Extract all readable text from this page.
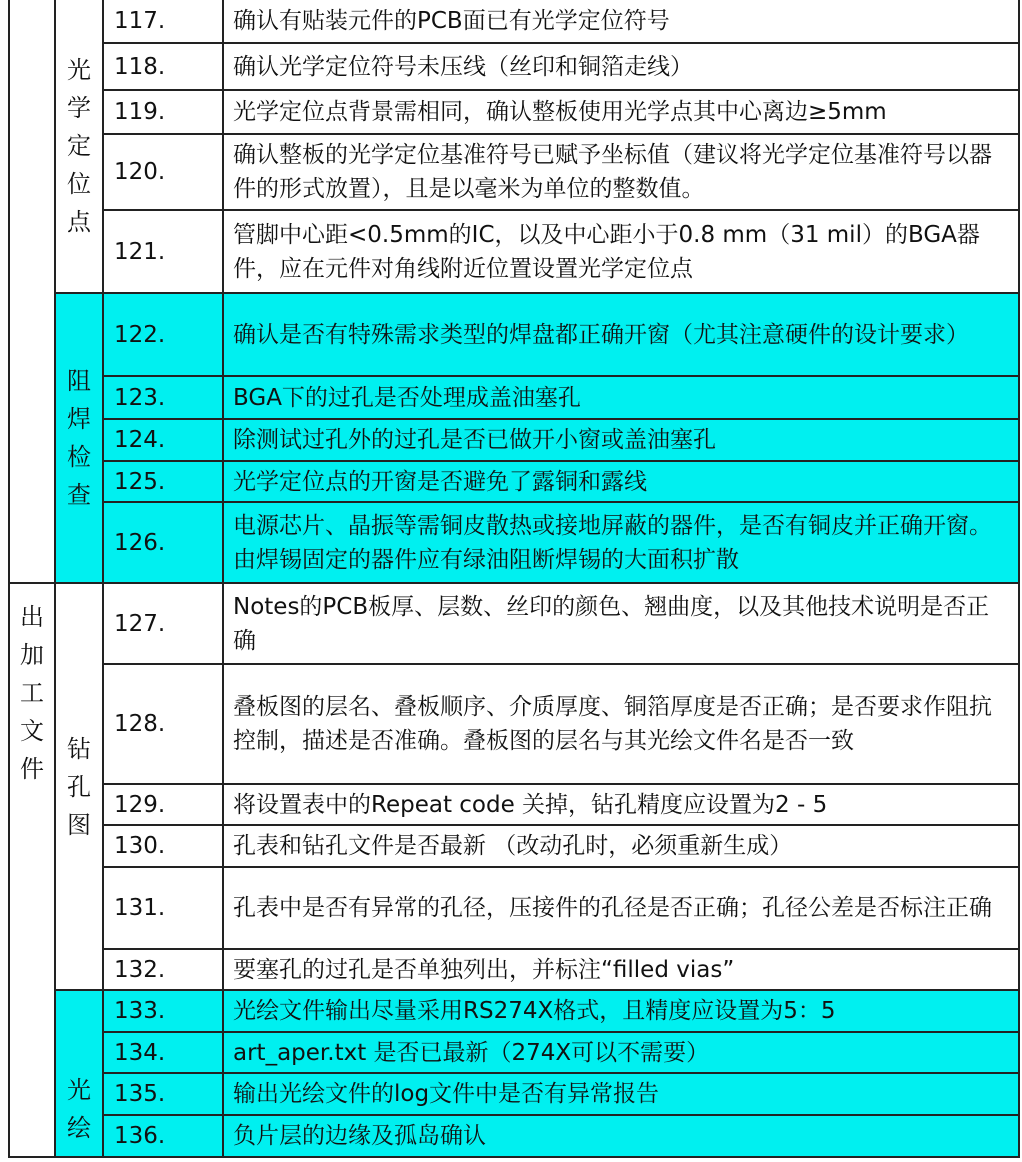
	光学定位点	117.	确认有贴装元件的PCB面已有光学定位符号
		118.	确认光学定位符号未压线（丝印和铜箔走线）
		119.	光学定位点背景需相同，确认整板使用光学点其中心离边≥5mm
		120.	确认整板的光学定位基准符号已赋予坐标值（建议将光学定位基准符号以器件的形式放置），且是以毫米为单位的整数值。
		121.	管脚中心距<0.5mm的IC，以及中心距小于0.8 mm（31 mil）的BGA器件，应在元件对角线附近位置设置光学定位点
	阻焊检查	122.	确认是否有特殊需求类型的焊盘都正确开窗（尤其注意硬件的设计要求）
		123.	BGA下的过孔是否处理成盖油塞孔
		124.	除测试过孔外的过孔是否已做开小窗或盖油塞孔
		125.	光学定位点的开窗是否避免了露铜和露线
		126.	电源芯片、晶振等需铜皮散热或接地屏蔽的器件，是否有铜皮并正确开窗。由焊锡固定的器件应有绿油阻断焊锡的大面积扩散
出加工文件	钻孔图	127.	Notes的PCB板厚、层数、丝印的颜色、翘曲度，以及其他技术说明是否正确
		128.	叠板图的层名、叠板顺序、介质厚度、铜箔厚度是否正确；是否要求作阻抗控制，描述是否准确。叠板图的层名与其光绘文件名是否一致
		129.	将设置表中的Repeat code 关掉，钻孔精度应设置为2 - 5
		130.	孔表和钻孔文件是否最新 （改动孔时，必须重新生成）
		131.	孔表中是否有异常的孔径，压接件的孔径是否正确；孔径公差是否标注正确
		132.	要塞孔的过孔是否单独列出，并标注“filled vias”
	光绘	133.	光绘文件输出尽量采用RS274X格式，且精度应设置为5：5
		134.	art_aper.txt 是否已最新（274X可以不需要）
		135.	输出光绘文件的log文件中是否有异常报告
		136.	负片层的边缘及孤岛确认
